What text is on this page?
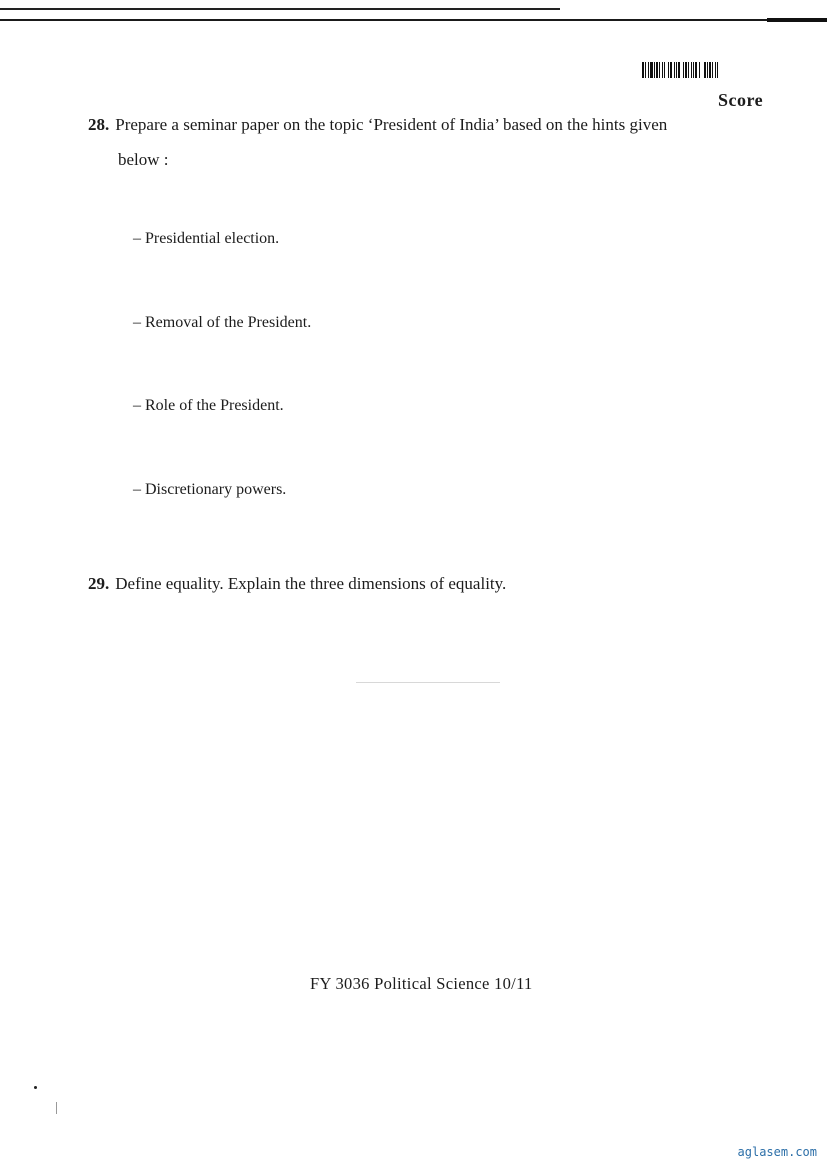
Score
28. Prepare a seminar paper on the topic ‘President of India’ based on the hints given
below :
– Presidential election.
– Removal of the President.
– Role of the President.
– Discretionary powers.
29. Define equality. Explain the three dimensions of equality.
FY 3036 Political Science 10/11
aglasem.com
